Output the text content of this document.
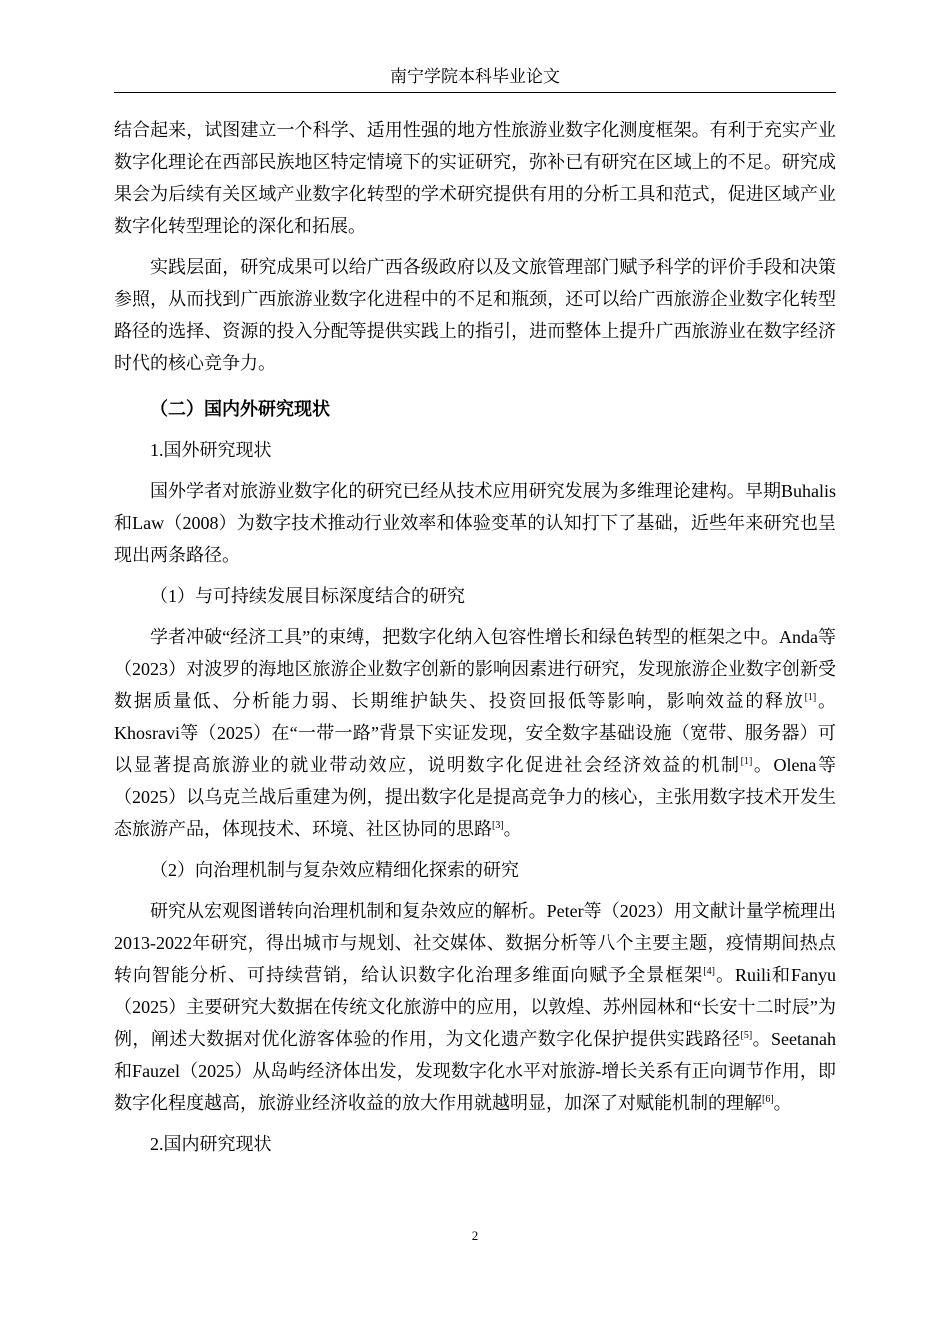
南宁学院本科毕业论文

结合起来，试图建立一个科学、适用性强的地方性旅游业数字化测度框架。有利于充实产业数字化理论在西部民族地区特定情境下的实证研究，弥补已有研究在区域上的不足。研究成果会为后续有关区域产业数字化转型的学术研究提供有用的分析工具和范式，促进区域产业数字化转型理论的深化和拓展。

实践层面，研究成果可以给广西各级政府以及文旅管理部门赋予科学的评价手段和决策参照，从而找到广西旅游业数字化进程中的不足和瓶颈，还可以给广西旅游企业数字化转型路径的选择、资源的投入分配等提供实践上的指引，进而整体上提升广西旅游业在数字经济时代的核心竞争力。

（二）国内外研究现状

1.国外研究现状

国外学者对旅游业数字化的研究已经从技术应用研究发展为多维理论建构。早期Buhalis和Law（2008）为数字技术推动行业效率和体验变革的认知打下了基础，近些年来研究也呈现出两条路径。

（1）与可持续发展目标深度结合的研究

学者冲破“经济工具”的束缚，把数字化纳入包容性增长和绿色转型的框架之中。Anda等（2023）对波罗的海地区旅游企业数字创新的影响因素进行研究，发现旅游企业数字创新受数据质量低、分析能力弱、长期维护缺失、投资回报低等影响，影响效益的释放[1]。Khosravi等（2025）在“一带一路”背景下实证发现，安全数字基础设施（宽带、服务器）可以显著提高旅游业的就业带动效应，说明数字化促进社会经济效益的机制[1]。Olena等（2025）以乌克兰战后重建为例，提出数字化是提高竞争力的核心，主张用数字技术开发生态旅游产品，体现技术、环境、社区协同的思路[3]。

（2）向治理机制与复杂效应精细化探索的研究

研究从宏观图谱转向治理机制和复杂效应的解析。Peter等（2023）用文献计量学梳理出2013-2022年研究，得出城市与规划、社交媒体、数据分析等八个主要主题，疫情期间热点转向智能分析、可持续营销，给认识数字化治理多维面向赋予全景框架[4]。Ruili和Fanyu（2025）主要研究大数据在传统文化旅游中的应用，以敦煌、苏州园林和“长安十二时辰”为例，阐述大数据对优化游客体验的作用，为文化遗产数字化保护提供实践路径[5]。Seetanah和Fauzel（2025）从岛屿经济体出发，发现数字化水平对旅游-增长关系有正向调节作用，即数字化程度越高，旅游业经济收益的放大作用就越明显，加深了对赋能机制的理解[6]。

2.国内研究现状

2
